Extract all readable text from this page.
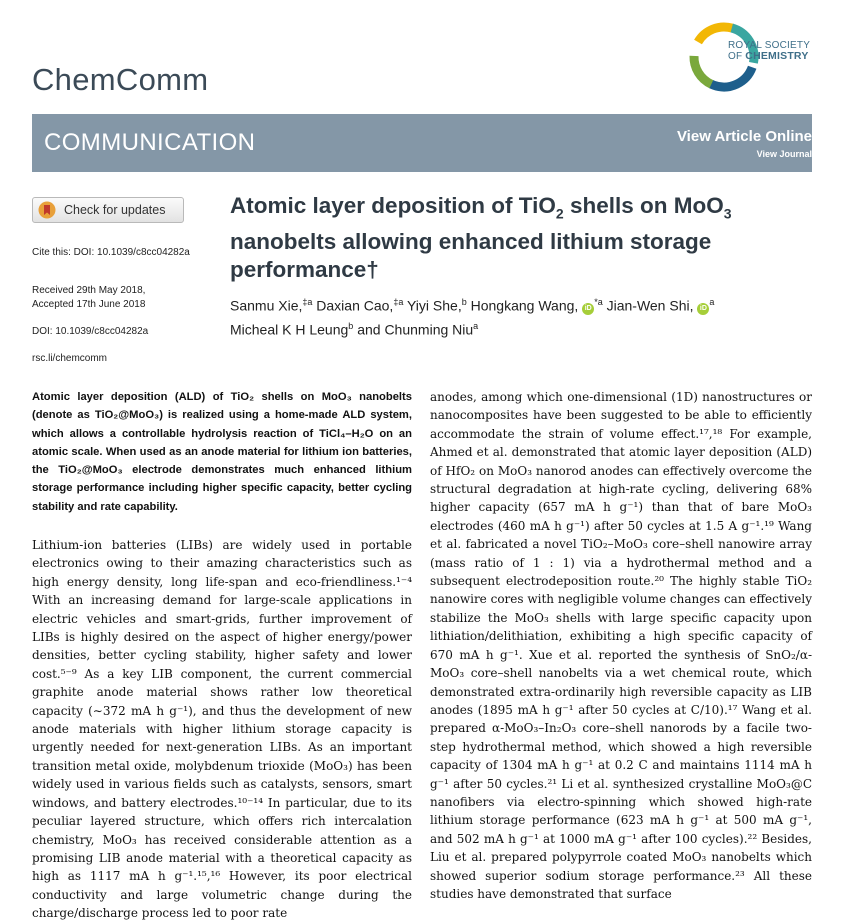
ROYAL SOCIETY
OF CHEMISTRY
ChemComm
COMMUNICATION	View Article Online
View Journal
Check for updates
Cite this: DOI: 10.1039/c8cc04282a
Received 29th May 2018,
Accepted 17th June 2018
DOI: 10.1039/c8cc04282a
rsc.li/chemcomm
Atomic layer deposition of TiO$_2$ shells on MoO$_3$
nanobelts allowing enhanced lithium storage
performance†
Sanmu Xie,$^{\ddagger a}$ Daxian Cao,$^{\ddagger a}$ Yiyi She,$^b$ Hongkang Wang, $iD^{*a}$ Jian-Wen Shi, $iD^a$
Micheal K H Leung$^b$ and Chunming Niu$^a$
Atomic layer deposition (ALD) of TiO₂ shells on MoO₃ nanobelts (denote as TiO₂@MoO₃) is realized using a home-made ALD system, which allows a controllable hydrolysis reaction of TiCl₄–H₂O on an atomic scale. When used as an anode material for lithium ion batteries, the TiO₂@MoO₃ electrode demonstrates much enhanced lithium storage performance including higher specific capacity, better cycling stability and rate capability.
Lithium-ion batteries (LIBs) are widely used in portable electronics owing to their amazing characteristics such as high energy density, long life-span and eco-friendliness.¹⁻⁴ With an increasing demand for large-scale applications in electric vehicles and smart-grids, further improvement of LIBs is highly desired on the aspect of higher energy/power densities, better cycling stability, higher safety and lower cost.⁵⁻⁹ As a key LIB component, the current commercial graphite anode material shows rather low theoretical capacity (∼372 mA h g⁻¹), and thus the development of new anode materials with higher lithium storage capacity is urgently needed for next-generation LIBs. As an important transition metal oxide, molybdenum trioxide (MoO₃) has been widely used in various fields such as catalysts, sensors, smart windows, and battery electrodes.¹⁰⁻¹⁴ In particular, due to its peculiar layered structure, which offers rich intercalation chemistry, MoO₃ has received considerable attention as a promising LIB anode material with a theoretical capacity as high as 1117 mA h g⁻¹.¹⁵,¹⁶ However, its poor electrical conductivity and large volumetric change during the charge/discharge process led to poor rate
anodes, among which one-dimensional (1D) nanostructures or nanocomposites have been suggested to be able to efficiently accommodate the strain of volume effect.¹⁷,¹⁸ For example, Ahmed et al. demonstrated that atomic layer deposition (ALD) of HfO₂ on MoO₃ nanorod anodes can effectively overcome the structural degradation at high-rate cycling, delivering 68% higher capacity (657 mA h g⁻¹) than that of bare MoO₃ electrodes (460 mA h g⁻¹) after 50 cycles at 1.5 A g⁻¹.¹⁹ Wang et al. fabricated a novel TiO₂–MoO₃ core–shell nanowire array (mass ratio of 1 : 1) via a hydrothermal method and a subsequent electrodeposition route.²⁰ The highly stable TiO₂ nanowire cores with negligible volume changes can effectively stabilize the MoO₃ shells with large specific capacity upon lithiation/delithiation, exhibiting a high specific capacity of 670 mA h g⁻¹. Xue et al. reported the synthesis of SnO₂/α-MoO₃ core–shell nanobelts via a wet chemical route, which demonstrated extra-ordinarily high reversible capacity as LIB anodes (1895 mA h g⁻¹ after 50 cycles at C/10).¹⁷ Wang et al. prepared α-MoO₃–In₂O₃ core–shell nanorods by a facile two-step hydrothermal method, which showed a high reversible capacity of 1304 mA h g⁻¹ at 0.2 C and maintains 1114 mA h g⁻¹ after 50 cycles.²¹ Li et al. synthesized crystalline MoO₃@C nanofibers via electro-spinning which showed high-rate lithium storage performance (623 mA h g⁻¹ at 500 mA g⁻¹, and 502 mA h g⁻¹ at 1000 mA g⁻¹ after 100 cycles).²² Besides, Liu et al. prepared polypyrrole coated MoO₃ nanobelts which showed superior sodium storage performance.²³ All these studies have demonstrated that surface
